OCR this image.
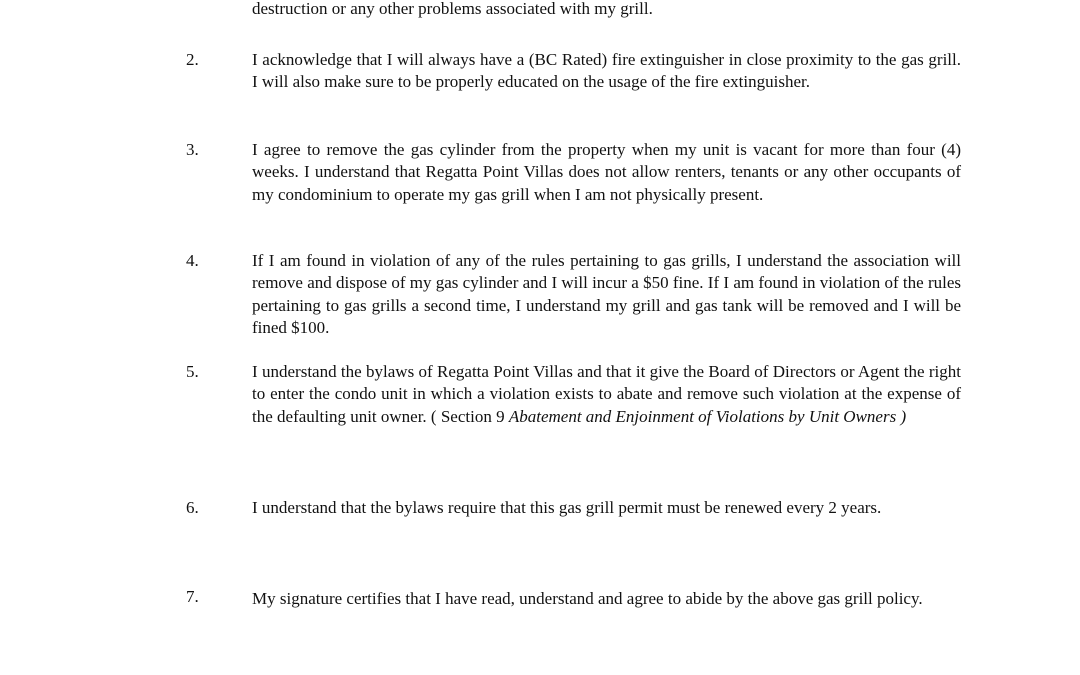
destruction or any other problems associated with my grill.
2.	I acknowledge that I will always have a (BC Rated) fire extinguisher in close proximity to the gas grill. I will also make sure to be properly educated on the usage of the fire extinguisher.
3.	I agree to remove the gas cylinder from the property when my unit is vacant for more than four (4) weeks. I understand that Regatta Point Villas does not allow renters, tenants or any other occupants of my condominium to operate my gas grill when I am not physically present.
4.	If I am found in violation of any of the rules pertaining to gas grills, I understand the association will remove and dispose of my gas cylinder and I will incur a $50 fine. If I am found in violation of the rules pertaining to gas grills a second time, I understand my grill and gas tank will be removed and I will be fined $100.
5.	I understand the bylaws of Regatta Point Villas and that it give the Board of Directors or Agent the right to enter the condo unit in which a violation exists to abate and remove such violation at the expense of the defaulting unit owner. ( Section 9 Abatement and Enjoinment of Violations by Unit Owners )
6.	I understand that the bylaws require that this gas grill permit must be renewed every 2 years.
7.	My signature certifies that I have read, understand and agree to abide by the above gas grill policy.
